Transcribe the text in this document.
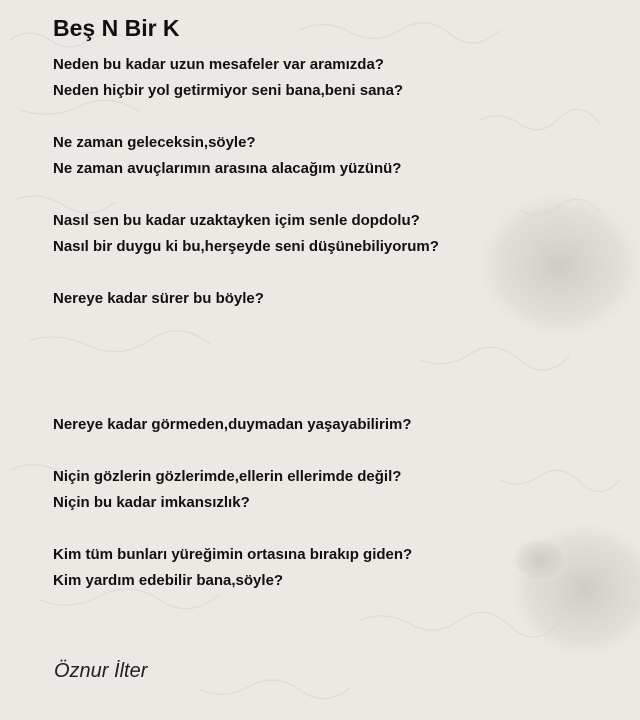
Beş N Bir K

Neden bu kadar uzun mesafeler var aramızda?

Neden hiçbir yol getirmiyor seni bana,beni sana?

Ne zaman geleceksin,söyle?

Ne zaman avuçlarımın arasına alacağım yüzünü?

Nasıl sen bu kadar uzaktayken içim senle dopdolu?

Nasıl bir duygu ki bu,herşeyde seni düşünebiliyorum?

Nereye kadar sürer bu böyle?

Nereye kadar görmeden,duymadan yaşayabilirim?

Niçin gözlerin gözlerimde,ellerin ellerimde değil?

Niçin bu kadar imkansızlık?

Kim tüm bunları yüreğimin ortasına bırakıp giden?

Kim yardım edebilir bana,söyle?

Öznur İlter
